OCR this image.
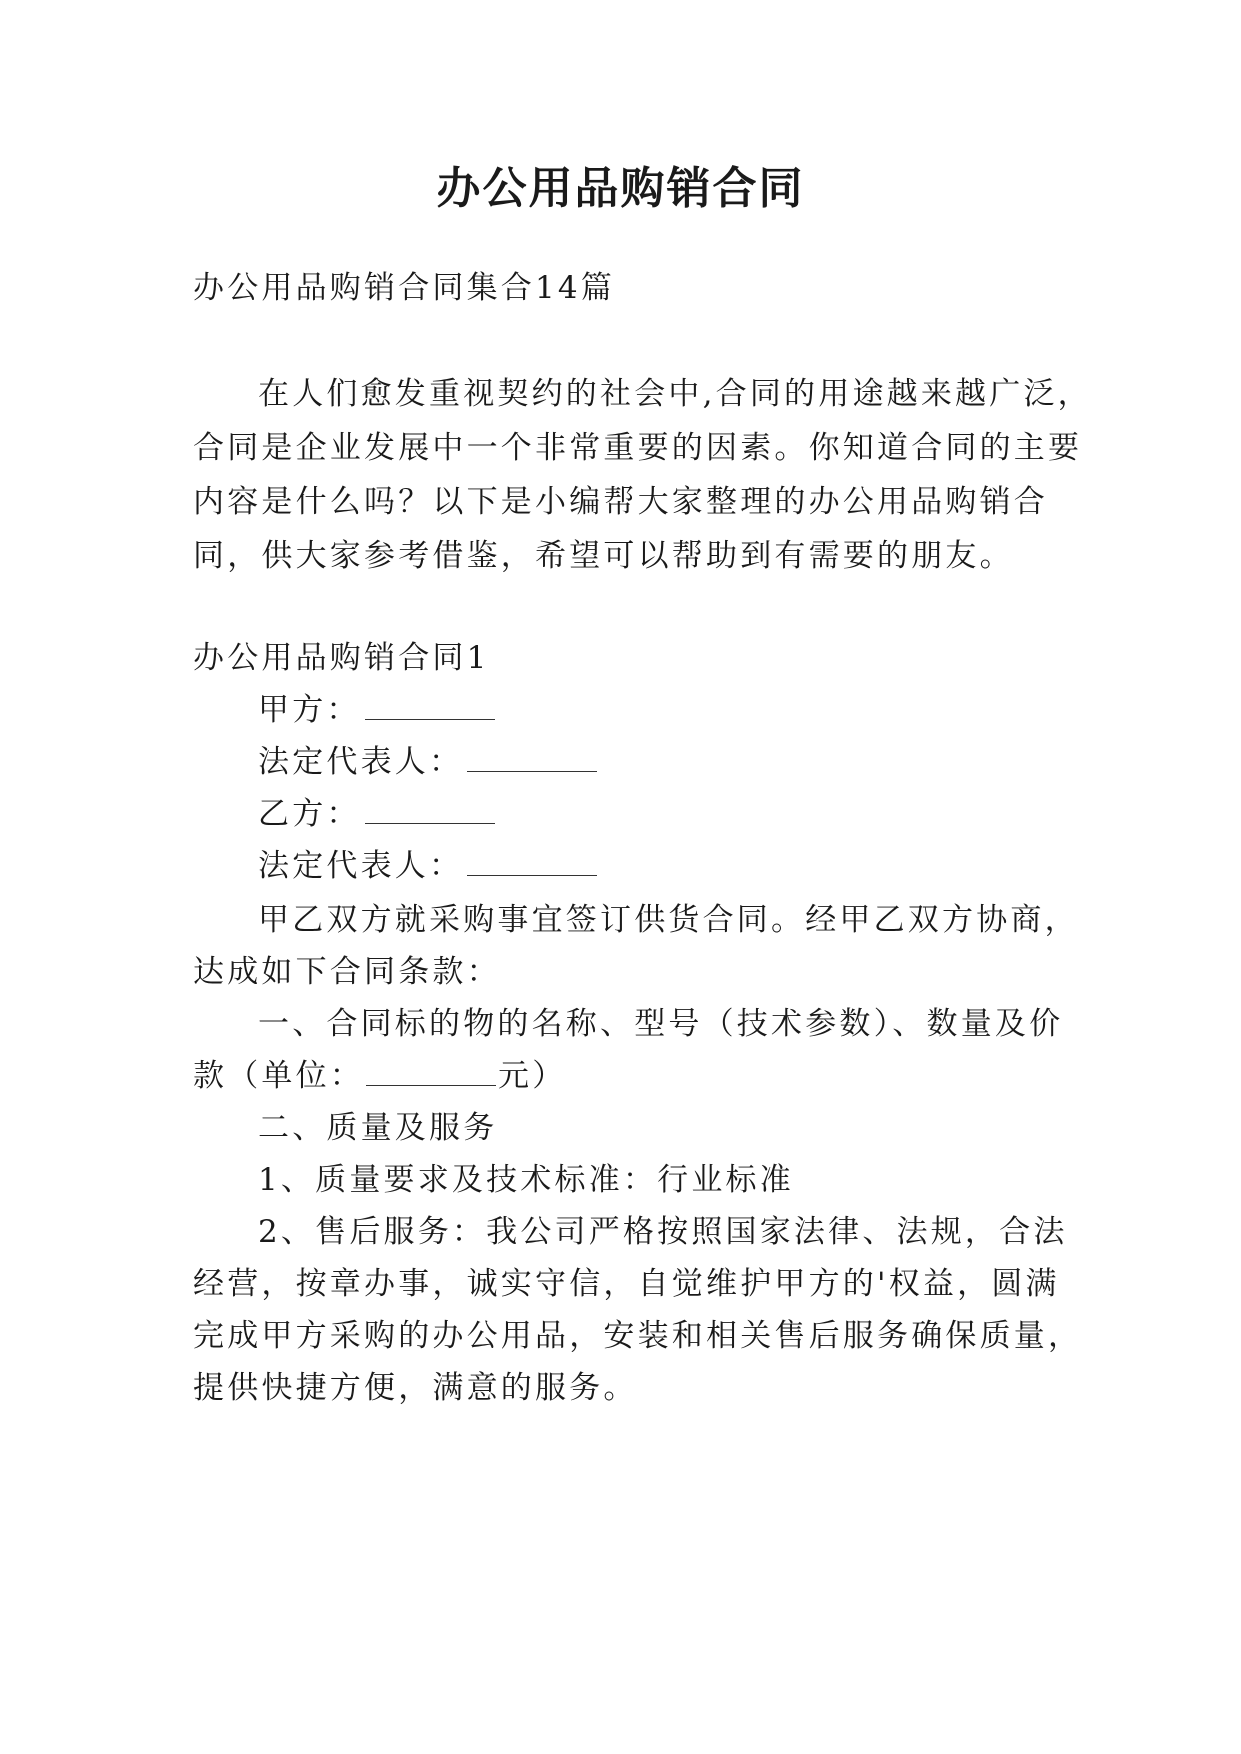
办公用品购销合同
办公用品购销合同集合14篇
在人们愈发重视契约的社会中,合同的用途越来越广泛，
合同是企业发展中一个非常重要的因素。你知道合同的主要
内容是什么吗？以下是小编帮大家整理的办公用品购销合
同，供大家参考借鉴，希望可以帮助到有需要的朋友。
办公用品购销合同1
甲方：
法定代表人：
乙方：
法定代表人：
甲乙双方就采购事宜签订供货合同。经甲乙双方协商，
达成如下合同条款：
一、合同标的物的名称、型号（技术参数）、数量及价
款（单位：	元）
二、质量及服务
1、质量要求及技术标准：行业标准
2、售后服务：我公司严格按照国家法律、法规，合法
经营，按章办事，诚实守信，自觉维护甲方的'权益，圆满
完成甲方采购的办公用品，安装和相关售后服务确保质量，
提供快捷方便，满意的服务。
